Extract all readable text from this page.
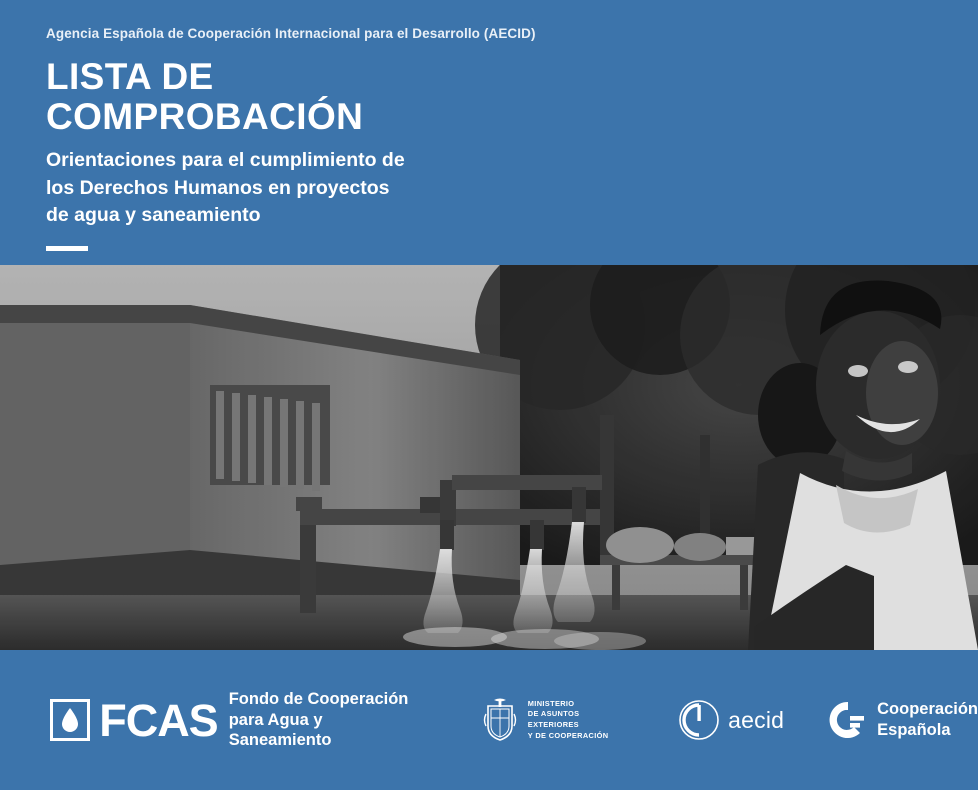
Agencia Española de Cooperación Internacional para el Desarrollo (AECID)
LISTA DE
COMPROBACIÓN
Orientaciones para el cumplimiento de
los Derechos Humanos en proyectos
de agua y saneamiento
FCAS Fondo de Cooperación
para Agua y Saneamiento
MINISTERIO
DE ASUNTOS EXTERIORES
Y DE COOPERACIÓN
aecid	Cooperación
Española
